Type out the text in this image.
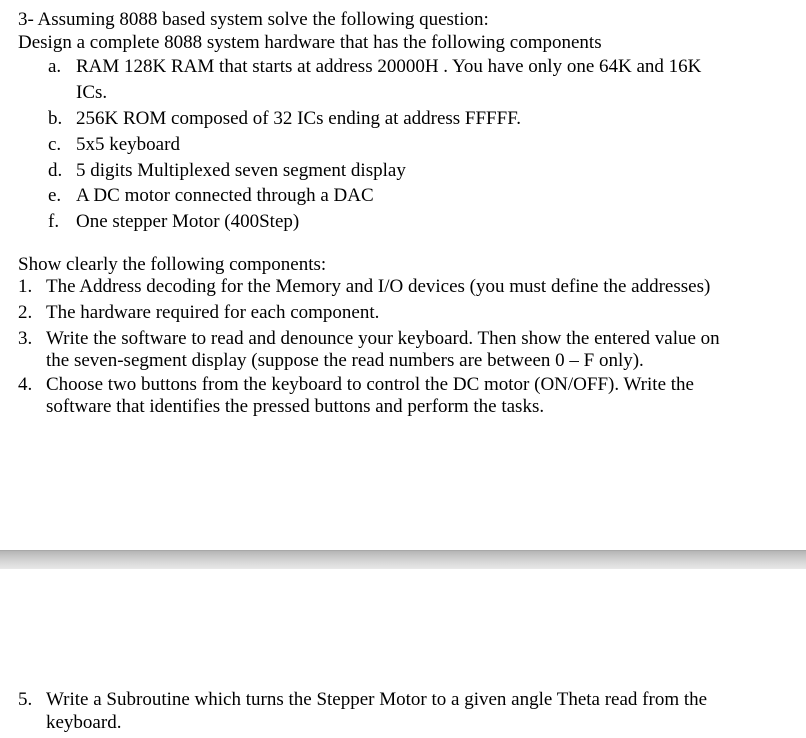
3- Assuming 8088 based system solve the following question:
Design a complete 8088 system hardware that has the following components
a. RAM 128K RAM that starts at address 20000H . You have only one 64K and 16K
ICs.
b. 256K ROM composed of 32 ICs ending at address FFFFF.
c. 5x5 keyboard
d. 5 digits Multiplexed seven segment display
e. A DC motor connected through a DAC
f. One stepper Motor (400Step)
Show clearly the following components:
1. The Address decoding for the Memory and I/O devices (you must define the addresses)
2. The hardware required for each component.
3. Write the software to read and denounce your keyboard. Then show the entered value on
the seven-segment display (suppose the read numbers are between 0 – F only).
4. Choose two buttons from the keyboard to control the DC motor (ON/OFF). Write the
software that identifies the pressed buttons and perform the tasks.
5. Write a Subroutine which turns the Stepper Motor to a given angle Theta read from the
keyboard.
